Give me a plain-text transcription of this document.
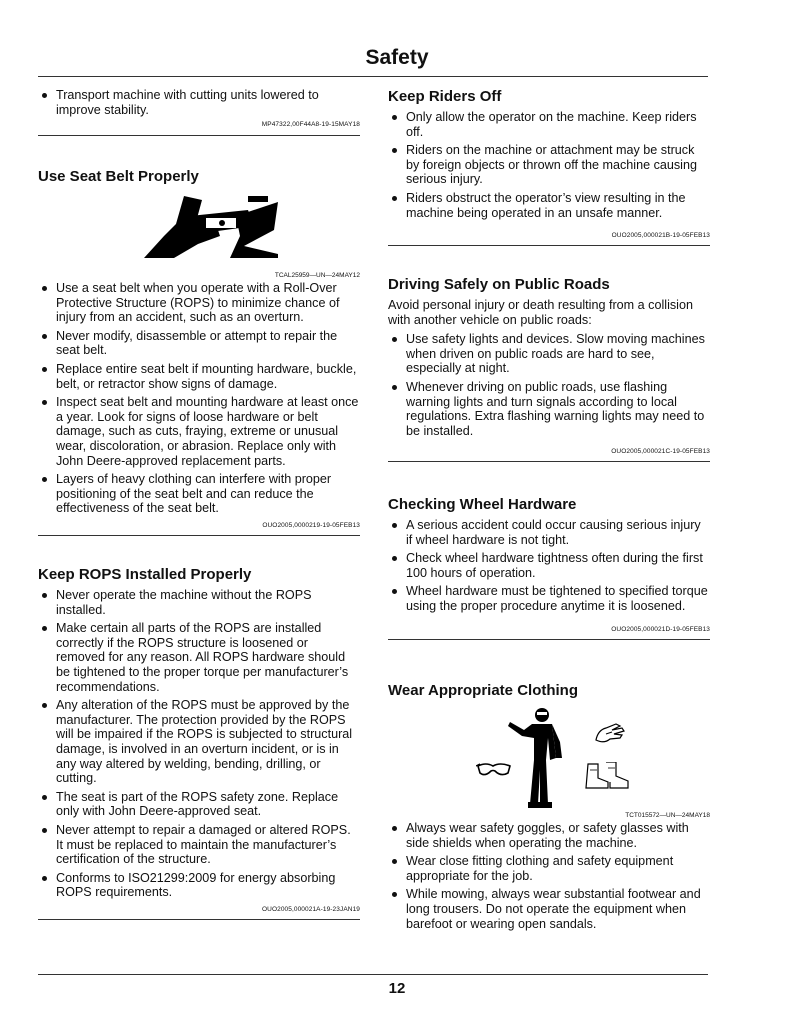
Safety
Transport machine with cutting units lowered to improve stability.
MP47322,00F44A8-19-15MAY18
Use Seat Belt Properly
TCAL25959—UN—24MAY12
Use a seat belt when you operate with a Roll-Over Protective Structure (ROPS) to minimize chance of injury from an accident, such as an overturn.
Never modify, disassemble or attempt to repair the seat belt.
Replace entire seat belt if mounting hardware, buckle, belt, or retractor show signs of damage.
Inspect seat belt and mounting hardware at least once a year. Look for signs of loose hardware or belt damage, such as cuts, fraying, extreme or unusual wear, discoloration, or abrasion. Replace only with John Deere-approved replacement parts.
Layers of heavy clothing can interfere with proper positioning of the seat belt and can reduce the effectiveness of the seat belt.
OUO2005,0000219-19-05FEB13
Keep ROPS Installed Properly
Never operate the machine without the ROPS installed.
Make certain all parts of the ROPS are installed correctly if the ROPS structure is loosened or removed for any reason. All ROPS hardware should be tightened to the proper torque per manufacturer’s recommendations.
Any alteration of the ROPS must be approved by the manufacturer. The protection provided by the ROPS will be impaired if the ROPS is subjected to structural damage, is involved in an overturn incident, or is in any way altered by welding, bending, drilling, or cutting.
The seat is part of the ROPS safety zone. Replace only with John Deere-approved seat.
Never attempt to repair a damaged or altered ROPS. It must be replaced to maintain the manufacturer’s certification of the structure.
Conforms to ISO21299:2009 for energy absorbing ROPS requirements.
OUO2005,000021A-19-23JAN19
Keep Riders Off
Only allow the operator on the machine. Keep riders off.
Riders on the machine or attachment may be struck by foreign objects or thrown off the machine causing serious injury.
Riders obstruct the operator’s view resulting in the machine being operated in an unsafe manner.
OUO2005,000021B-19-05FEB13
Driving Safely on Public Roads

Avoid personal injury or death resulting from a collision with another vehicle on public roads:

Use safety lights and devices. Slow moving machines when driven on public roads are hard to see, especially at night.
Whenever driving on public roads, use flashing warning lights and turn signals according to local regulations. Extra flashing warning lights may need to be installed.
OUO2005,000021C-19-05FEB13
Checking Wheel Hardware
A serious accident could occur causing serious injury if wheel hardware is not tight.
Check wheel hardware tightness often during the first 100 hours of operation.
Wheel hardware must be tightened to specified torque using the proper procedure anytime it is loosened.
OUO2005,000021D-19-05FEB13
Wear Appropriate Clothing
TCT015572—UN—24MAY18
Always wear safety goggles, or safety glasses with side shields when operating the machine.
Wear close fitting clothing and safety equipment appropriate for the job.
While mowing, always wear substantial footwear and long trousers. Do not operate the equipment when barefoot or wearing open sandals.
12
